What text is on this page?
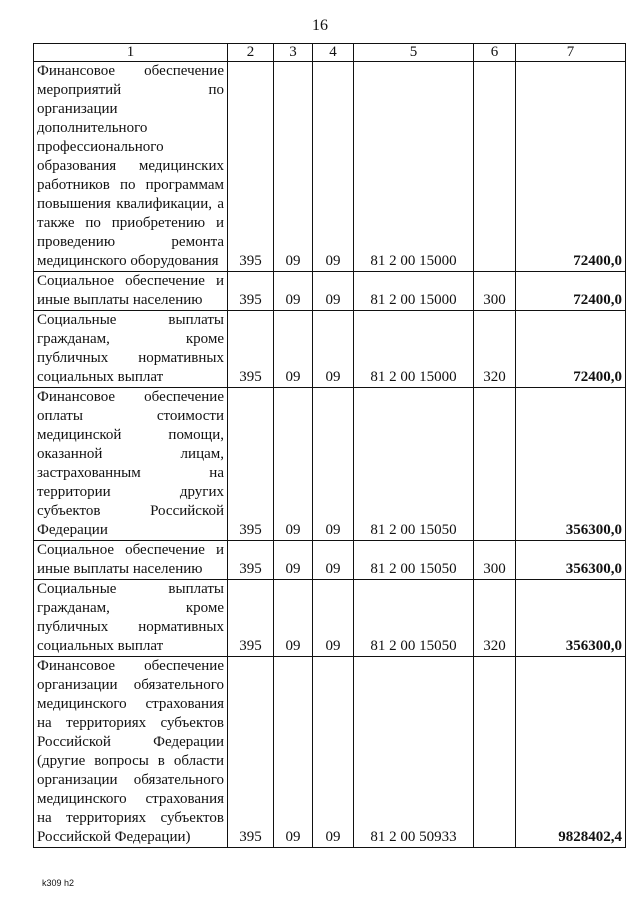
16
1	2	3	4	5	6	7
Финансовое обеспечение мероприятий по организации дополнительного профессионального образования медицинских работников по программам повышения квалификации, а также по приобретению и проведению ремонта медицинского оборудования	395	09	09	81 2 00 15000		72400,0
Социальное обеспечение и иные выплаты населению	395	09	09	81 2 00 15000	300	72400,0
Социальные выплаты гражданам, кроме публичных нормативных социальных выплат	395	09	09	81 2 00 15000	320	72400,0
Финансовое обеспечение оплаты стоимости медицинской помощи, оказанной лицам, застрахованным на территории других субъектов Российской Федерации	395	09	09	81 2 00 15050		356300,0
Социальное обеспечение и иные выплаты населению	395	09	09	81 2 00 15050	300	356300,0
Социальные выплаты гражданам, кроме публичных нормативных социальных выплат	395	09	09	81 2 00 15050	320	356300,0
Финансовое обеспечение организации обязательного медицинского страхования на территориях субъектов Российской Федерации (другие вопросы в области организации обязательного медицинского страхования на территориях субъектов Российской Федерации)	395	09	09	81 2 00 50933		9828402,4
k309 h2
